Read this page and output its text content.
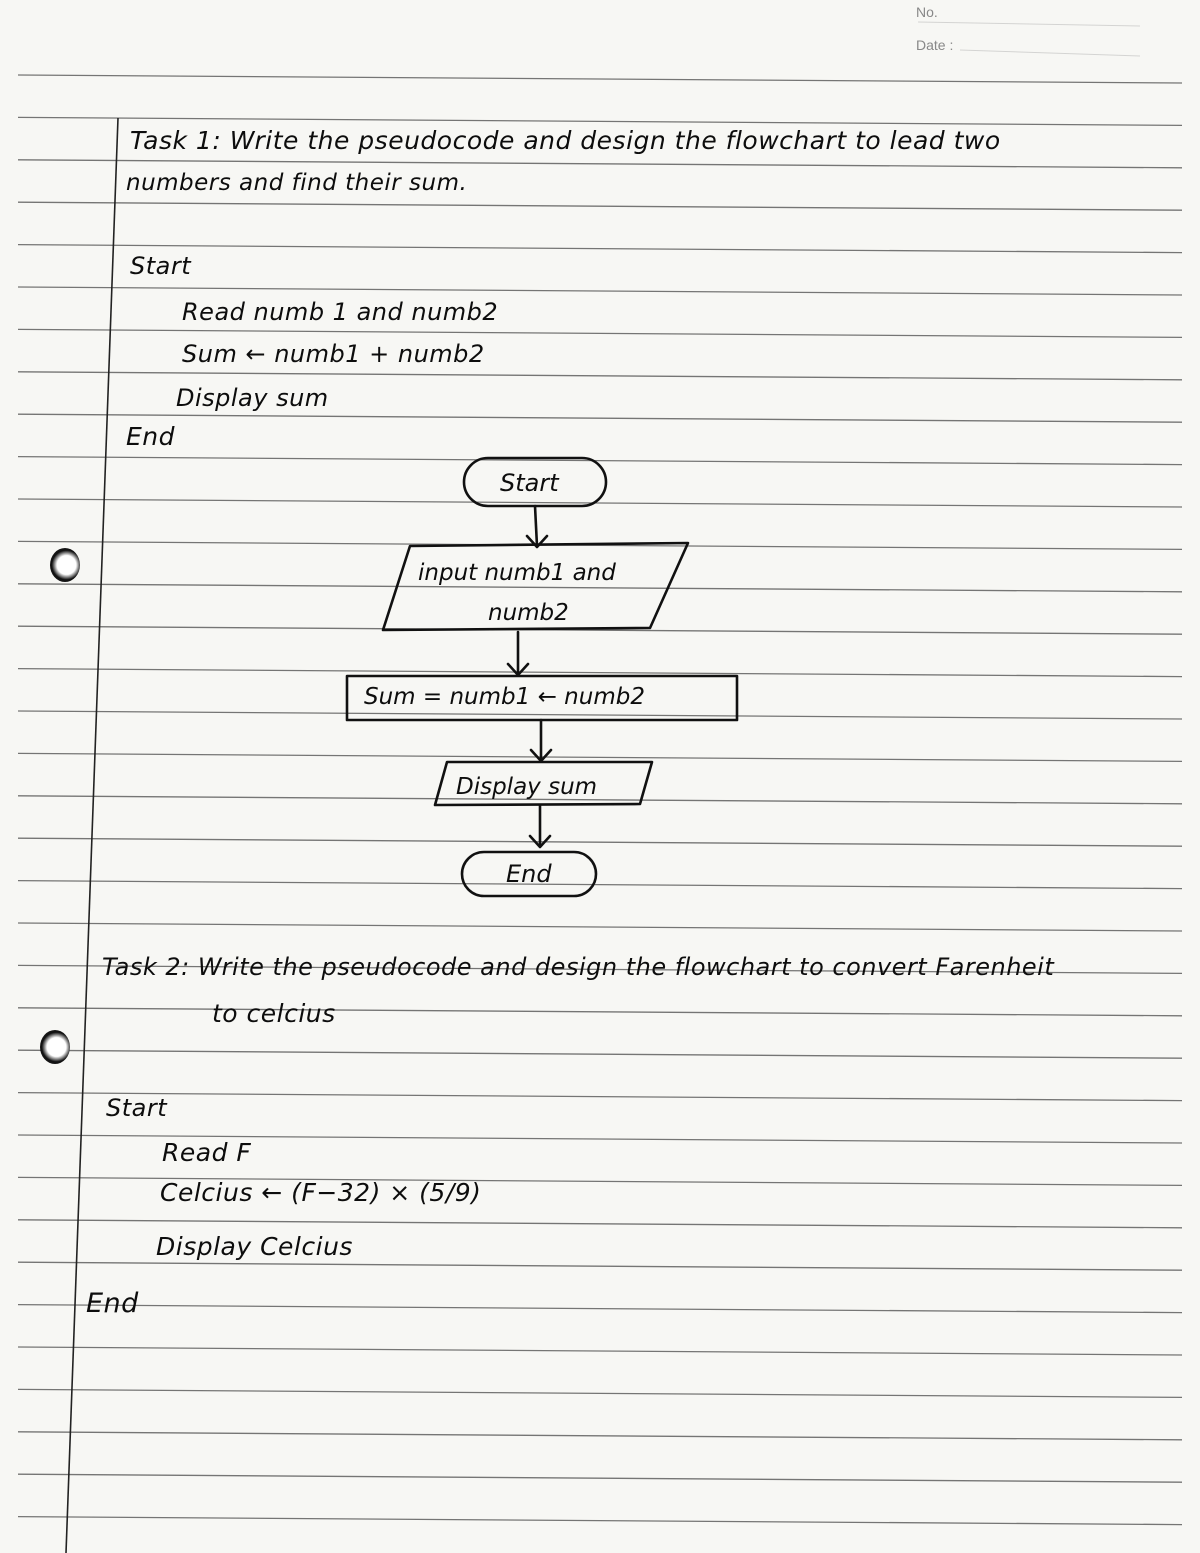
No.
Date :
Task 1: Write the pseudocode and design the flowchart to lead two
numbers and find their sum.
Start
Read numb 1 and numb2
Sum ← numb1 + numb2
Display sum
End
Start
input numb1 and
numb2
Sum = numb1 ← numb2
Display sum
End
Task 2: Write the pseudocode and design the flowchart to convert Farenheit
to celcius
Start
Read F
Celcius ← (F−32) × (5/9)
Display Celcius
End
